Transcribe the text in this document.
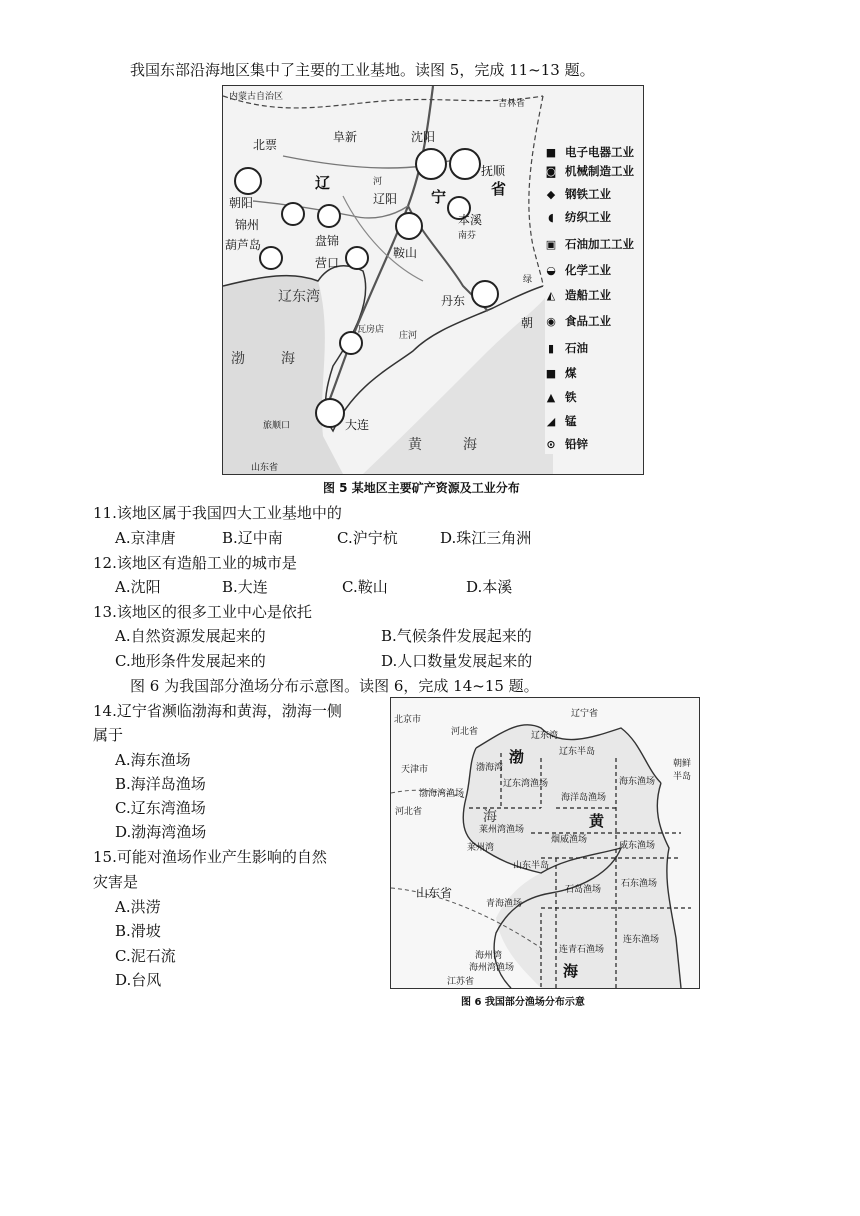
我国东部沿海地区集中了主要的工业基地。读图 5，完成 11~13 题。
内蒙古自治区
吉林省
北票
阜新	沈阳
抚顺
朝阳
锦州
盘锦
辽阳
本溪
南芬
葫芦岛
营口
鞍山
丹东
瓦房店
庄河
旅顺口	大连
山东省
辽	河
宁	省
辽东湾
渤	海
黄	海
朝
绿
■ 电子电器工业
◙ 机械制造工业
◆ 钢铁工业
◖ 纺织工业
▣ 石油加工工业
◒ 化学工业
◭ 造船工业
◉ 食品工业
▮ 石油
■ 煤
▲ 铁
◢ 锰
⊙ 铅锌
图 5 某地区主要矿产资源及工业分布
11.该地区属于我国四大工业基地中的
A.京津唐	B.辽中南	C.沪宁杭	D.珠江三角洲
12.该地区有造船工业的城市是
A.沈阳	B.大连	C.鞍山	D.本溪
13.该地区的很多工业中心是依托
A.自然资源发展起来的	B.气候条件发展起来的
C.地形条件发展起来的	D.人口数量发展起来的
图 6 为我国部分渔场分布示意图。读图 6，完成 14~15 题。
14.辽宁省濒临渤海和黄海，渤海一侧
属于
A.海东渔场
B.海洋岛渔场
C.辽东湾渔场
D.渤海湾渔场
15.可能对渔场作业产生影响的自然
灾害是
A.洪涝
B.滑坡
C.泥石流
D.台风
北京市
河北省
辽宁省
辽东湾
天津市
渤	辽东半岛
朝鲜半岛
渤海湾渔场
渤海湾
辽东湾渔场
海洋岛渔场
海东渔场
河北省	海	黄
莱州湾渔场
莱州湾
烟威渔场
威东渔场
山东半岛
山东省	石岛渔场
石东渔场
青海渔场
连青石渔场
连东渔场
海州湾
海州湾渔场	海
江苏省
图 6 我国部分渔场分布示意
